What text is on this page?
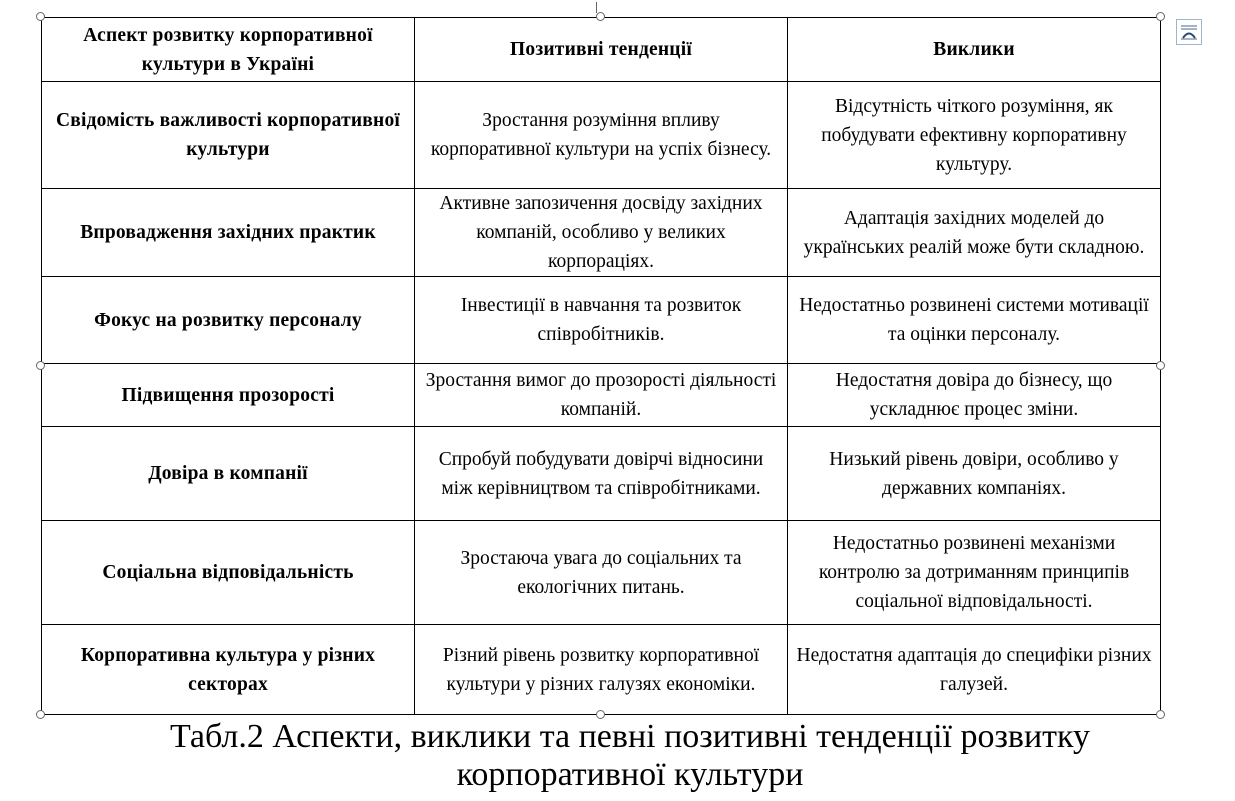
Аспект розвитку корпоративної культури в Україні	Позитивні тенденції	Виклики
Свідомість важливості корпоративної культури	Зростання розуміння впливу корпоративної культури на успіх бізнесу.	Відсутність чіткого розуміння, як побудувати ефективну корпоративну культуру.
Впровадження західних практик	Активне запозичення досвіду західних компаній, особливо у великих корпораціях.	Адаптація західних моделей до українських реалій може бути складною.
Фокус на розвитку персоналу	Інвестиції в навчання та розвиток співробітників.	Недостатньо розвинені системи мотивації та оцінки персоналу.
Підвищення прозорості	Зростання вимог до прозорості діяльності компаній.	Недостатня довіра до бізнесу, що ускладнює процес зміни.
Довіра в компанії	Спробуй побудувати довірчі відносини між керівництвом та співробітниками.	Низький рівень довіри, особливо у державних компаніях.
Соціальна відповідальність	Зростаюча увага до соціальних та екологічних питань.	Недостатньо розвинені механізми контролю за дотриманням принципів соціальної відповідальності.
Корпоративна культура у різних секторах	Різний рівень розвитку корпоративної культури у різних галузях економіки.	Недостатня адаптація до специфіки різних галузей.
Табл.2 Аспекти, виклики та певні позитивні тенденції розвитку
корпоративної культури
